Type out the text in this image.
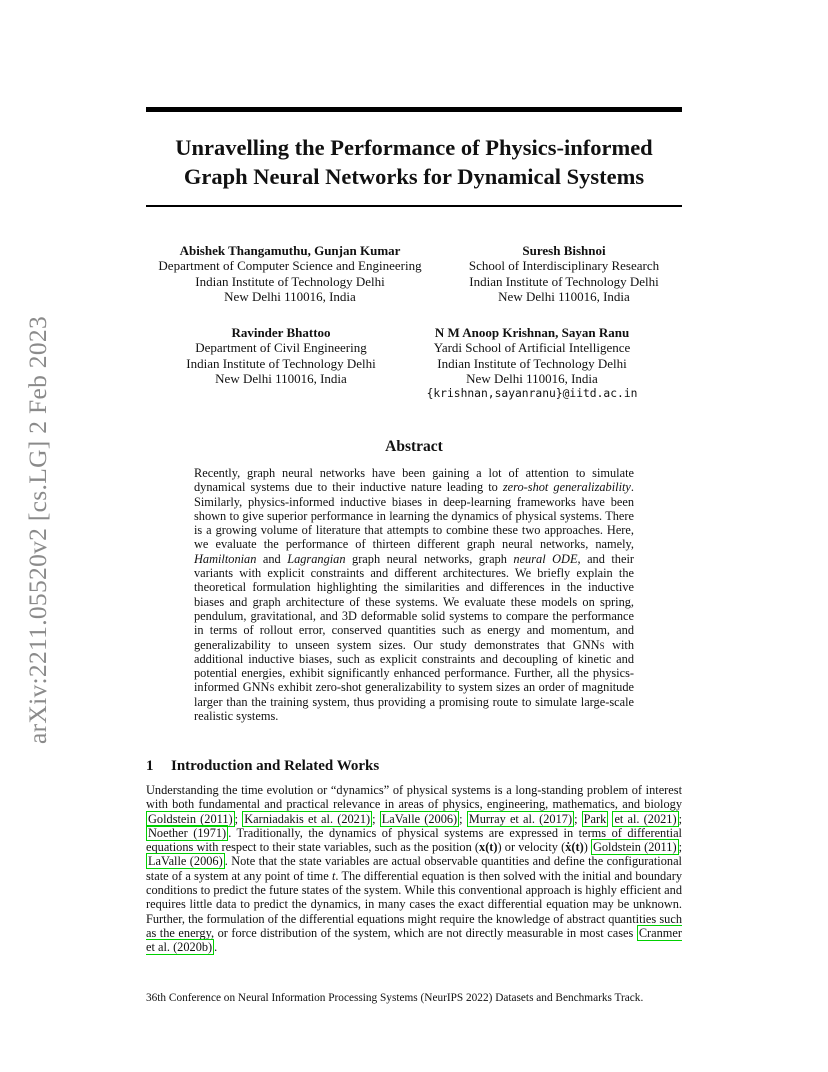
arXiv:2211.05520v2 [cs.LG] 2 Feb 2023
Unravelling the Performance of Physics-informed
Graph Neural Networks for Dynamical Systems
Abishek Thangamuthu, Gunjan Kumar
Department of Computer Science and Engineering
Indian Institute of Technology Delhi
New Delhi 110016, India
Suresh Bishnoi
School of Interdisciplinary Research
Indian Institute of Technology Delhi
New Delhi 110016, India
Ravinder Bhattoo
Department of Civil Engineering
Indian Institute of Technology Delhi
New Delhi 110016, India
N M Anoop Krishnan, Sayan Ranu
Yardi School of Artificial Intelligence
Indian Institute of Technology Delhi
New Delhi 110016, India
{krishnan,sayanranu}@iitd.ac.in
Abstract

Recently, graph neural networks have been gaining a lot of attention to simulate dynamical systems due to their inductive nature leading to zero-shot generalizability. Similarly, physics-informed inductive biases in deep-learning frameworks have been shown to give superior performance in learning the dynamics of physical systems. There is a growing volume of literature that attempts to combine these two approaches. Here, we evaluate the performance of thirteen different graph neural networks, namely, Hamiltonian and Lagrangian graph neural networks, graph neural ODE, and their variants with explicit constraints and different architectures. We briefly explain the theoretical formulation highlighting the similarities and differences in the inductive biases and graph architecture of these systems. We evaluate these models on spring, pendulum, gravitational, and 3D deformable solid systems to compare the performance in terms of rollout error, conserved quantities such as energy and momentum, and generalizability to unseen system sizes. Our study demonstrates that GNNs with additional inductive biases, such as explicit constraints and decoupling of kinetic and potential energies, exhibit significantly enhanced performance. Further, all the physics-informed GNNs exhibit zero-shot generalizability to system sizes an order of magnitude larger than the training system, thus providing a promising route to simulate large-scale realistic systems.

1 Introduction and Related Works

Understanding the time evolution or “dynamics” of physical systems is a long-standing problem of interest with both fundamental and practical relevance in areas of physics, engineering, mathematics, and biology Goldstein (2011) ; Karniadakis et al. (2021) ; LaValle (2006) ; Murray et al. (2017) ; Park et al. (2021) ; Noether (1971) . Traditionally, the dynamics of physical systems are expressed in terms of differential equations with respect to their state variables, such as the position (x(t)) or velocity (ẋ(t)) Goldstein (2011) ; LaValle (2006) . Note that the state variables are actual observable quantities and define the configurational state of a system at any point of time t. The differential equation is then solved with the initial and boundary conditions to predict the future states of the system. While this conventional approach is highly efficient and requires little data to predict the dynamics, in many cases the exact differential equation may be unknown. Further, the formulation of the differential equations might require the knowledge of abstract quantities such as the energy, or force distribution of the system, which are not directly measurable in most cases Cranmer et al. (2020b) .

36th Conference on Neural Information Processing Systems (NeurIPS 2022) Datasets and Benchmarks Track.
